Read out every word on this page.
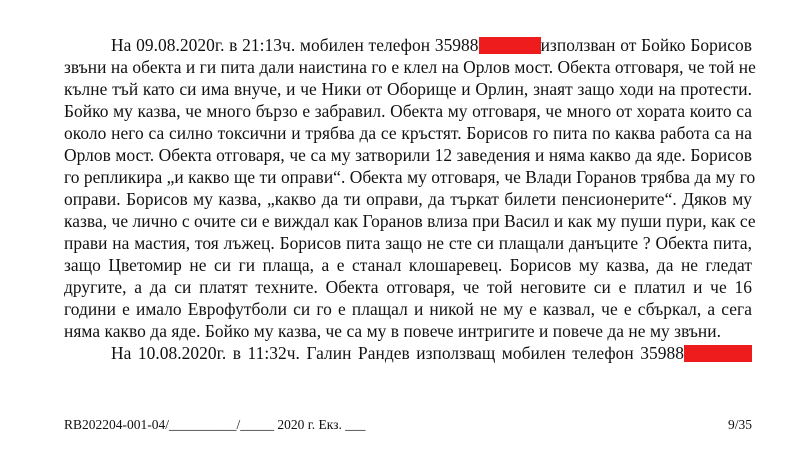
На 09.08.2020г. в 21:13ч. мобилен телефон 35988	използван от Бойко Борисов
звъни на обекта и ги пита дали наистина го е клел на Орлов мост. Обекта отговаря, че той не
кълне тъй като си има внуче, и че Ники от Оборище и Орлин, знаят защо ходи на протести.
Бойко му казва, че много бързо е забравил. Обекта му отговаря, че много от хората които са
около него са силно токсични и трябва да се кръстят. Борисов го пита по каква работа са на
Орлов мост. Обекта отговаря, че са му затворили 12 заведения и няма какво да яде. Борисов
го репликира „и какво ще ти оправи“. Обекта му отговаря, че Влади Горанов трябва да му го
оправи. Борисов му казва, „какво да ти оправи, да търкат билети пенсионерите“. Дяков му
казва, че лично с очите си е виждал как Горанов влиза при Васил и как му пуши пури, как се
прави на мастия, тоя лъжец. Борисов пита защо не сте си плащали данъците ? Обекта пита,
защо Цветомир не си ги плаща, а е станал клошаревец. Борисов му казва, да не гледат
другите, а да си платят техните. Обекта отговаря, че той неговите си е платил и че 16
години е имало Еврофутболи си го е плащал и никой не му е казвал, че е сбъркал, а сега
няма какво да яде. Бойко му казва, че са му в повече интригите и повече да не му звъни.
На 10.08.2020г. в 11:32ч. Галин Рандев използващ мобилен телефон 35988
RB202204-001-04/__________/_____ 2020 г. Екз. ___	9/35
